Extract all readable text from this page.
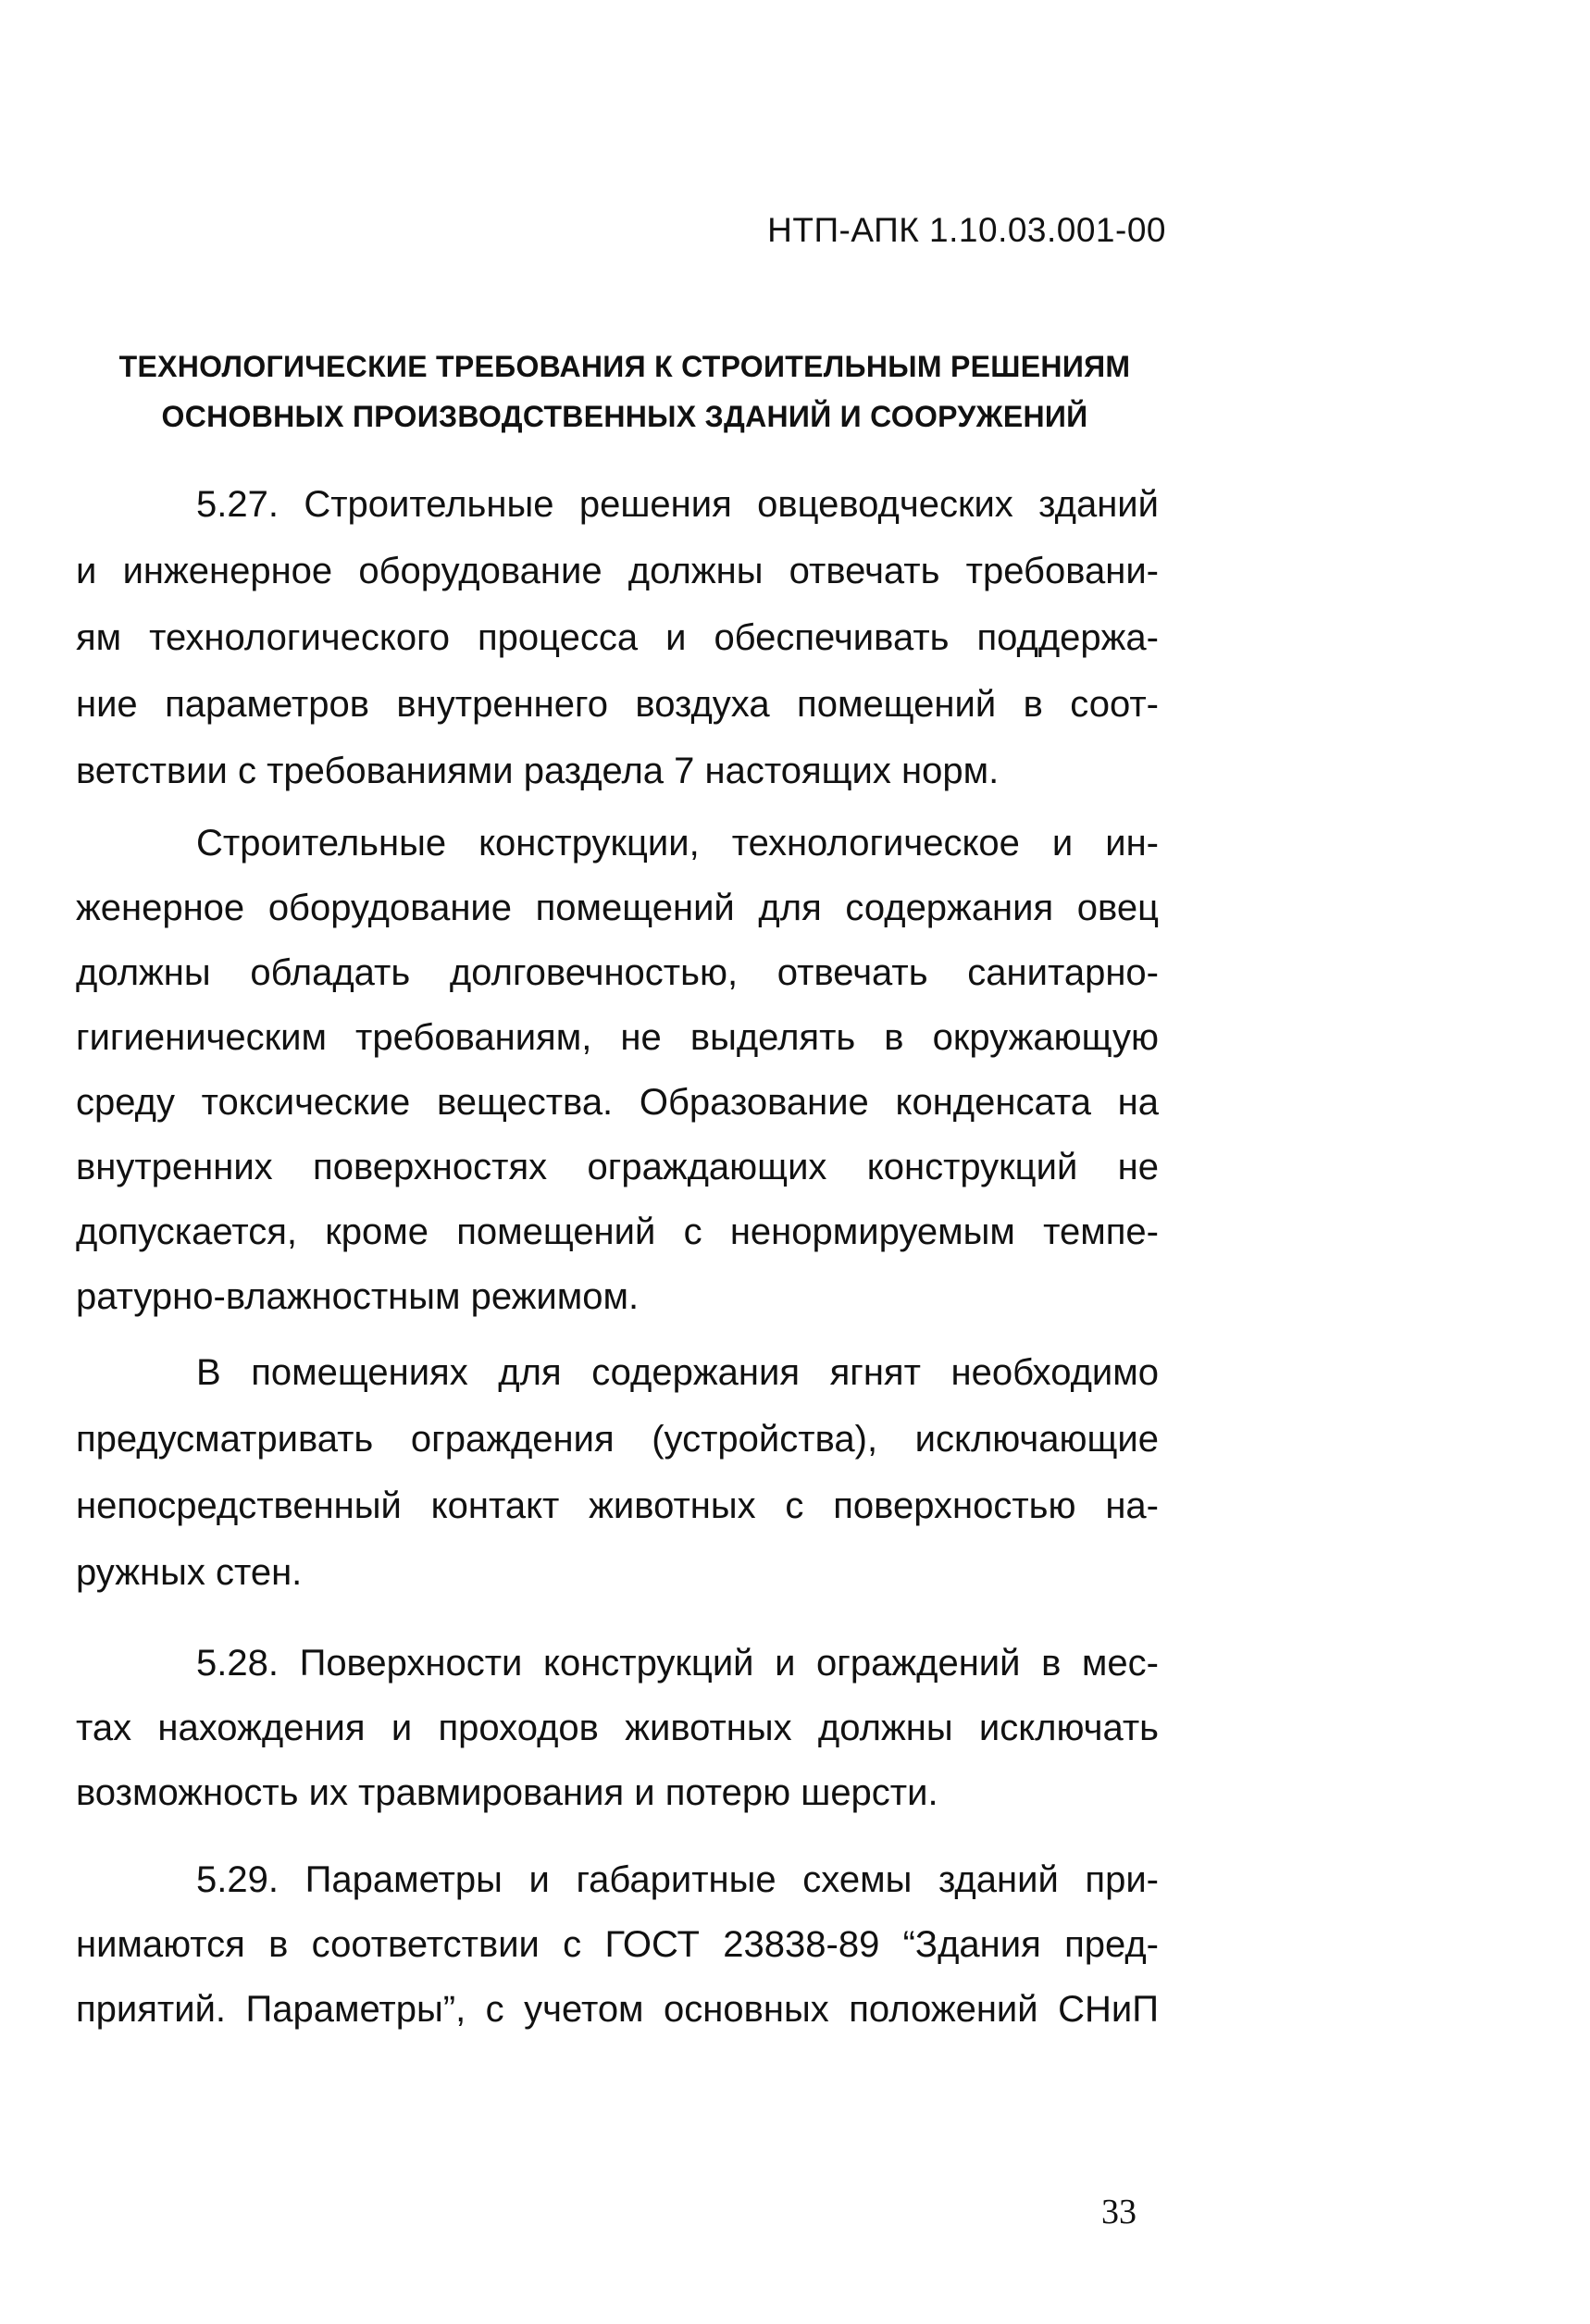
НТП-АПК 1.10.03.001-00
ТЕХНОЛОГИЧЕСКИЕ ТРЕБОВАНИЯ К СТРОИТЕЛЬНЫМ РЕШЕНИЯМ
ОСНОВНЫХ ПРОИЗВОДСТВЕННЫХ ЗДАНИЙ И СООРУЖЕНИЙ
5.27. Строительные решения овцеводческих зданий
и инженерное оборудование должны отвечать требовани-
ям технологического процесса и обеспечивать поддержа-
ние параметров внутреннего воздуха помещений в соот-
ветствии с требованиями раздела 7 настоящих норм.
Строительные конструкции, технологическое и ин-
женерное оборудование помещений для содержания овец
должны обладать долговечностью, отвечать санитарно-
гигиеническим требованиям, не выделять в окружающую
среду токсические вещества. Образование конденсата на
внутренних поверхностях ограждающих конструкций не
допускается, кроме помещений с ненормируемым темпе-
ратурно-влажностным режимом.
В помещениях для содержания ягнят необходимо
предусматривать ограждения (устройства), исключающие
непосредственный контакт животных с поверхностью на-
ружных стен.
5.28. Поверхности конструкций и ограждений в мес-
тах нахождения и проходов животных должны исключать
возможность их травмирования и потерю шерсти.
5.29. Параметры и габаритные схемы зданий при-
нимаются в соответствии с ГОСТ 23838-89 “Здания пред-
приятий. Параметры”, с учетом основных положений СНиП
33
